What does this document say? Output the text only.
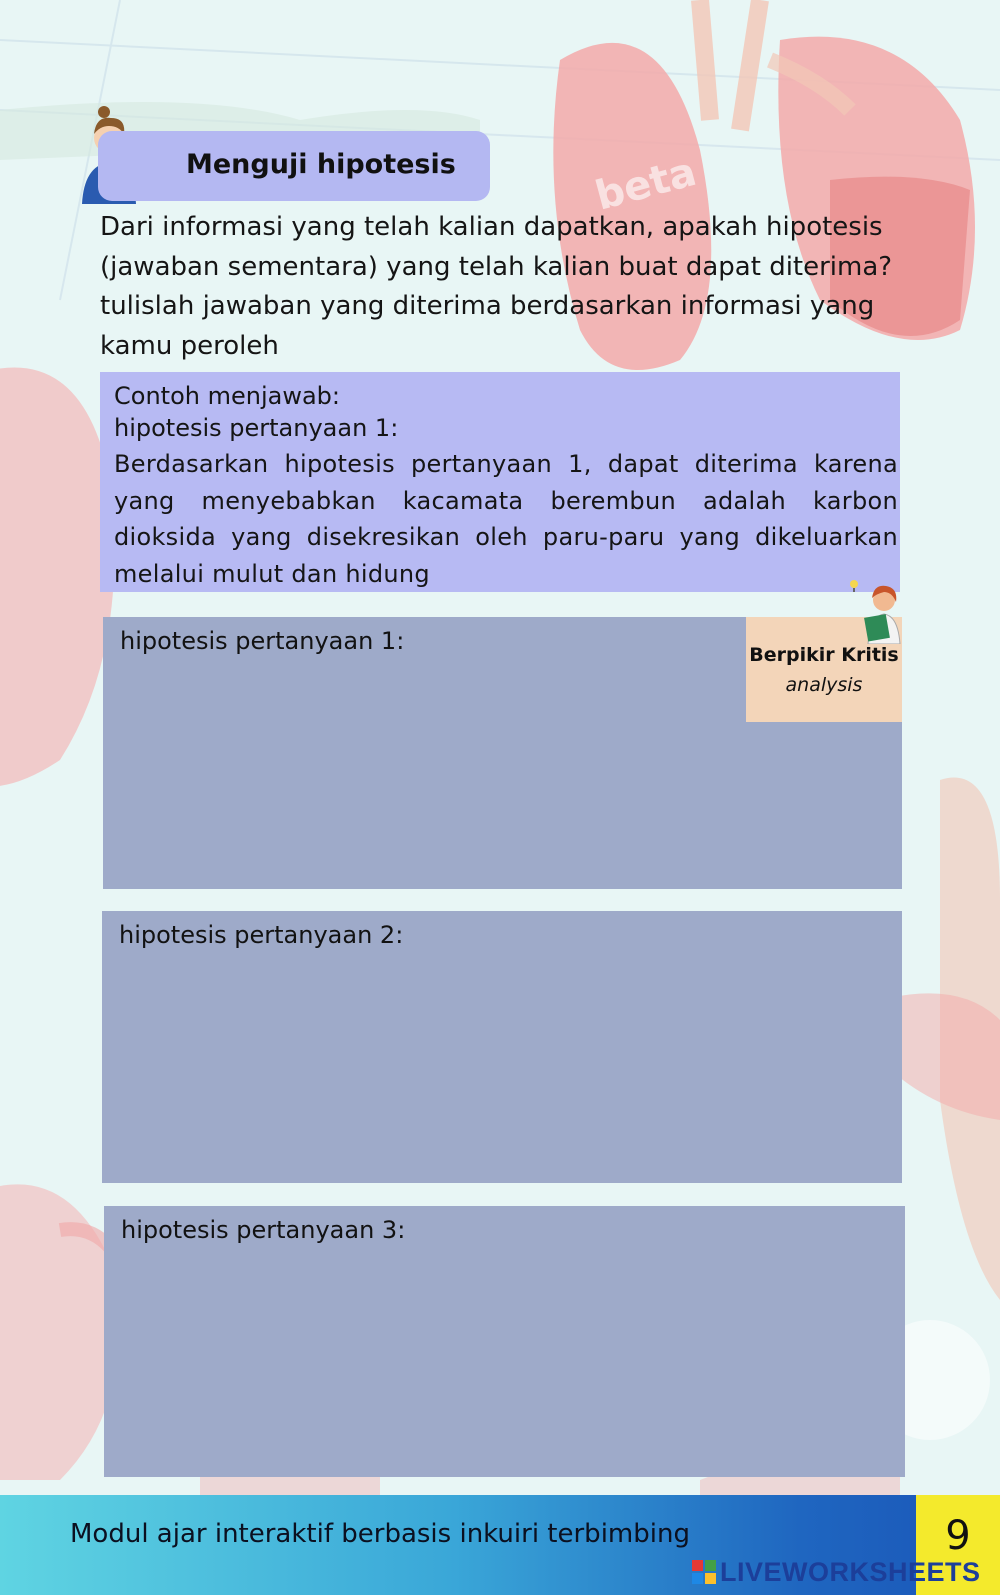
beta
Menguji hipotesis
Dari informasi yang telah kalian dapatkan, apakah hipotesis (jawaban sementara) yang telah kalian buat dapat diterima? tulislah jawaban yang diterima berdasarkan informasi yang kamu peroleh
Contoh menjawab:
hipotesis pertanyaan 1:
Berdasarkan hipotesis pertanyaan 1, dapat diterima karena yang menyebabkan kacamata berembun adalah karbon dioksida yang disekresikan oleh paru-paru yang dikeluarkan melalui mulut dan hidung
hipotesis pertanyaan 1:
hipotesis pertanyaan 2:
hipotesis pertanyaan 3:
Berpikir Kritis
analysis
Modul ajar interaktif berbasis inkuiri terbimbing	9
LIVEWORKSHEETS
